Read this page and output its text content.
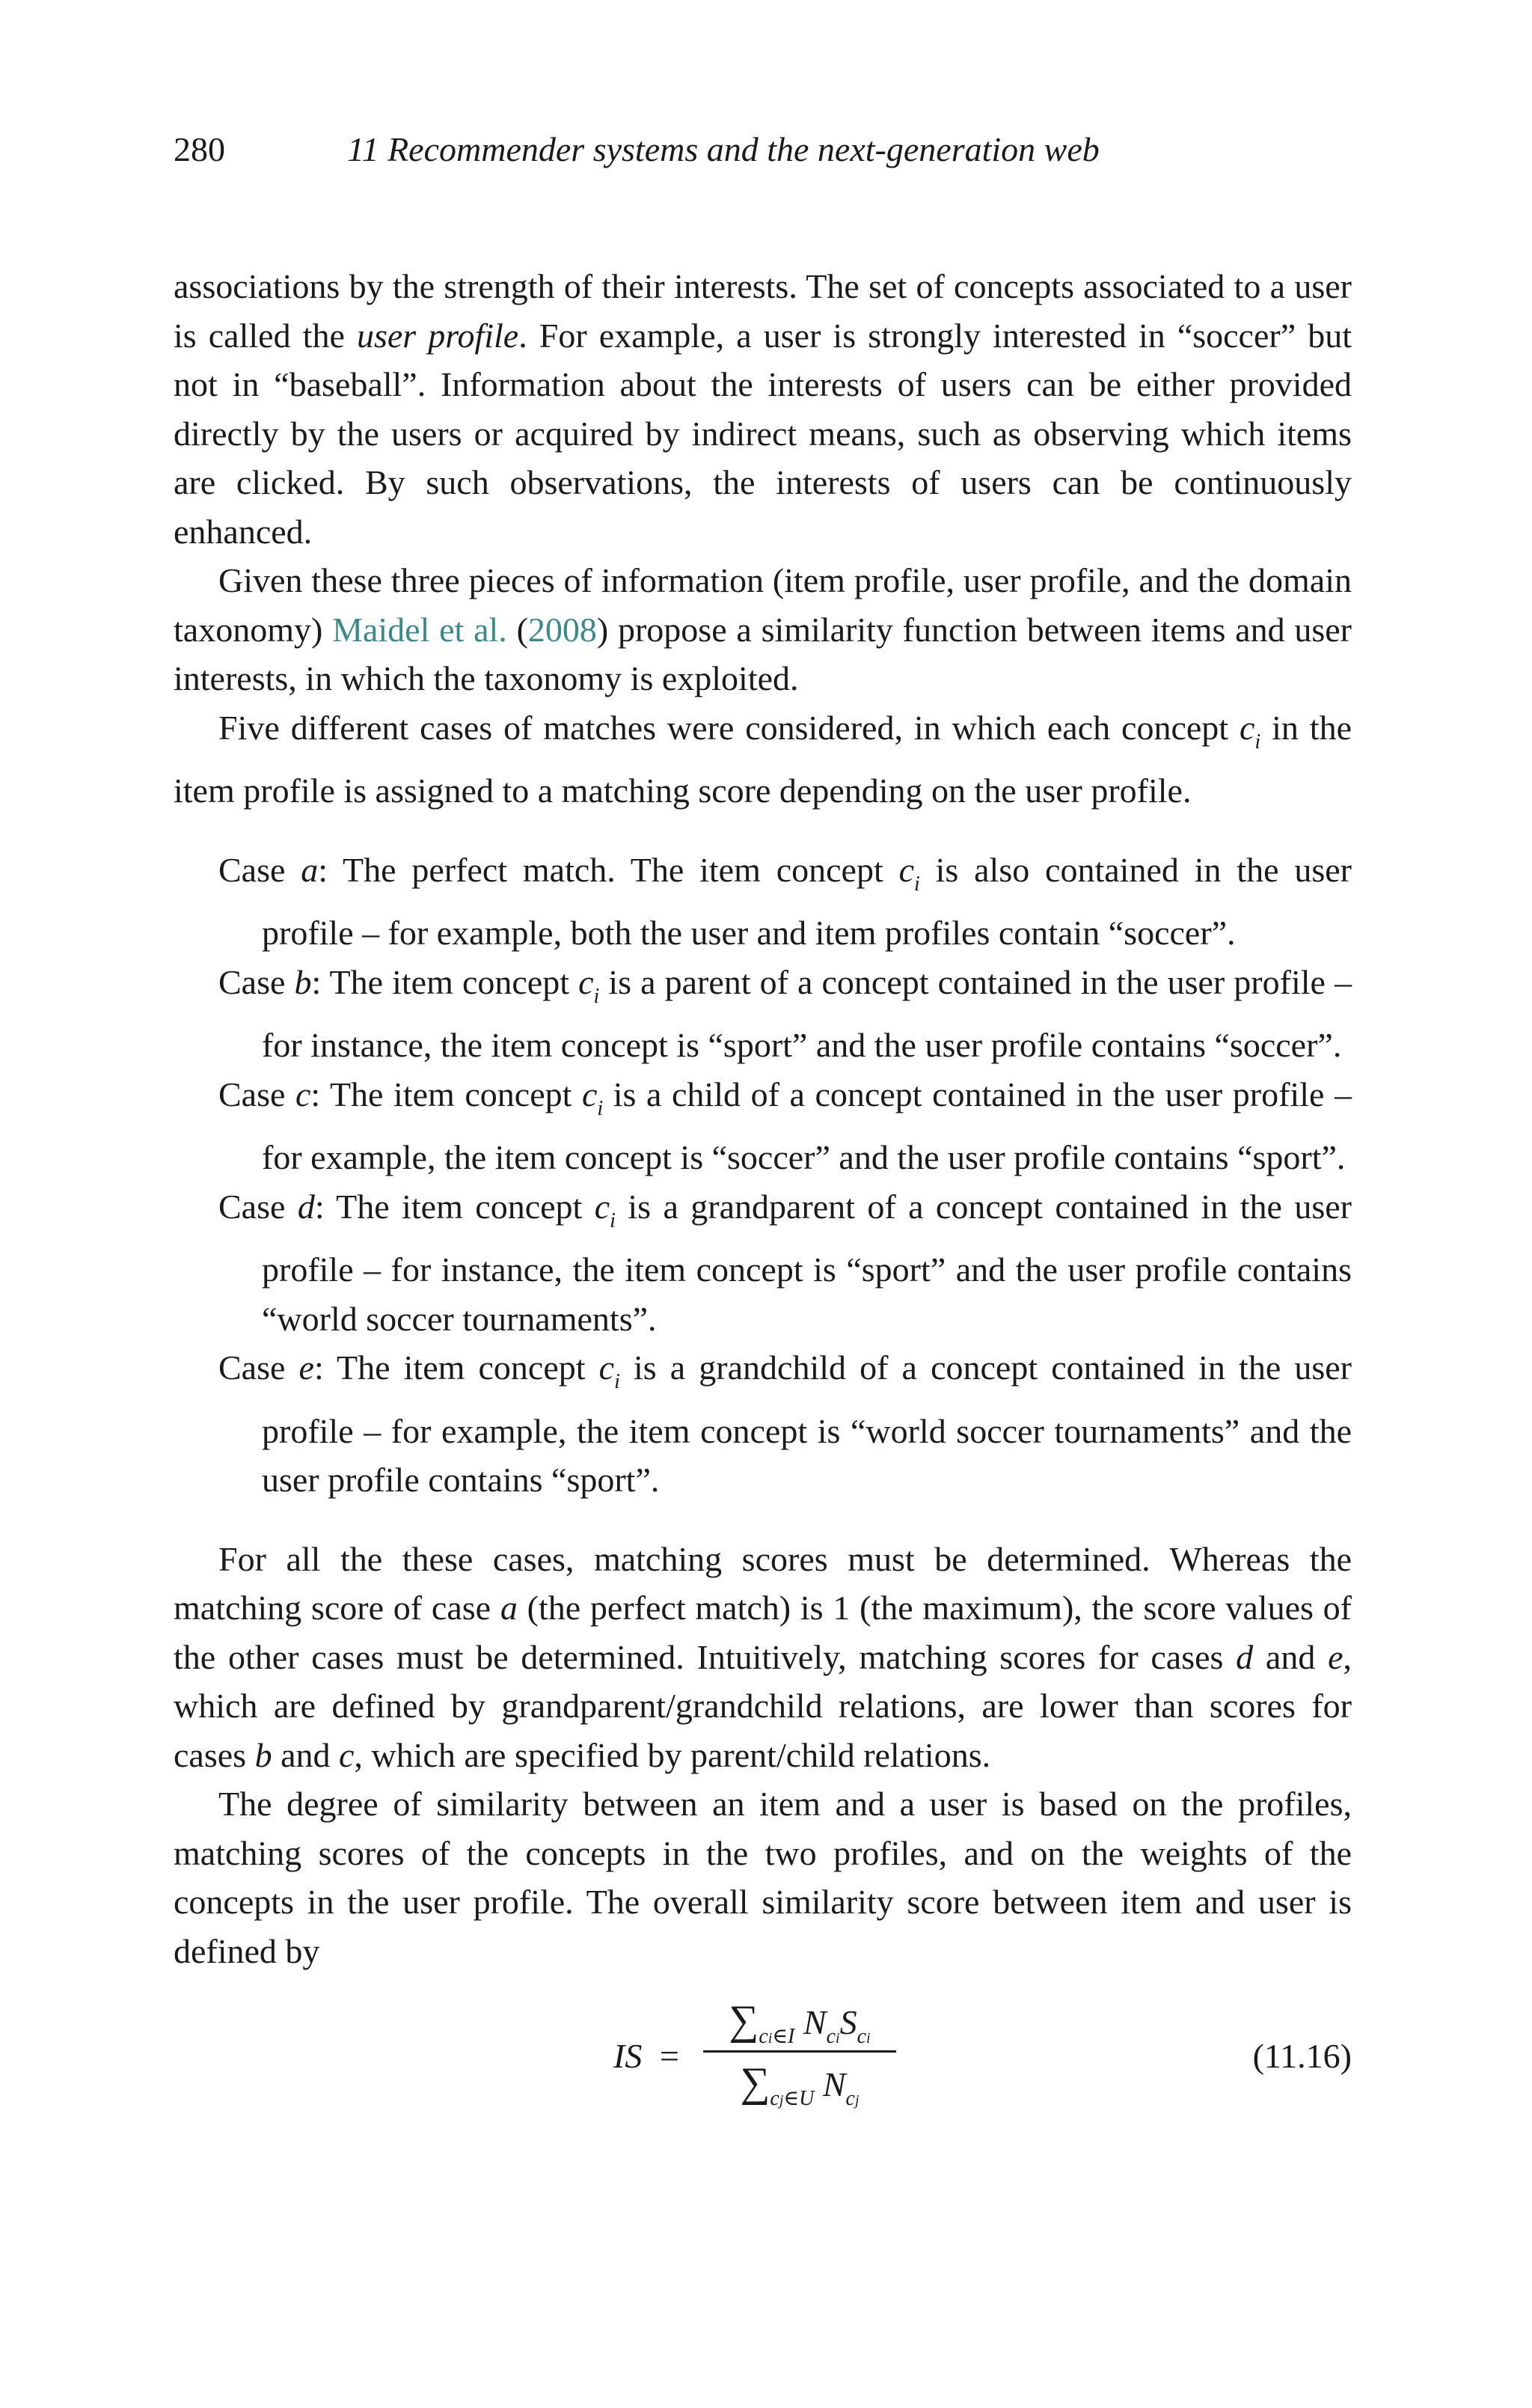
280	11 Recommender systems and the next-generation web

associations by the strength of their interests. The set of concepts associated to a user is called the user profile. For example, a user is strongly interested in “soccer” but not in “baseball”. Information about the interests of users can be either provided directly by the users or acquired by indirect means, such as observing which items are clicked. By such observations, the interests of users can be continuously enhanced.

Given these three pieces of information (item profile, user profile, and the domain taxonomy) Maidel et al. (2008) propose a similarity function between items and user interests, in which the taxonomy is exploited.

Five different cases of matches were considered, in which each concept $c_i$ in the item profile is assigned to a matching score depending on the user profile.

Case a: The perfect match. The item concept $c_i$ is also contained in the user profile – for example, both the user and item profiles contain “soccer”.
Case b: The item concept $c_i$ is a parent of a concept contained in the user profile – for instance, the item concept is “sport” and the user profile contains “soccer”.
Case c: The item concept $c_i$ is a child of a concept contained in the user profile – for example, the item concept is “soccer” and the user profile contains “sport”.
Case d: The item concept $c_i$ is a grandparent of a concept contained in the user profile – for instance, the item concept is “sport” and the user profile contains “world soccer tournaments”.
Case e: The item concept $c_i$ is a grandchild of a concept contained in the user profile – for example, the item concept is “world soccer tournaments” and the user profile contains “sport”.

For all the these cases, matching scores must be determined. Whereas the matching score of case a (the perfect match) is 1 (the maximum), the score values of the other cases must be determined. Intuitively, matching scores for cases d and e, which are defined by grandparent/grandchild relations, are lower than scores for cases b and c, which are specified by parent/child relations.

The degree of similarity between an item and a user is based on the profiles, matching scores of the concepts in the two profiles, and on the weights of the concepts in the user profile. The overall similarity score between item and user is defined by

IS =
$\sum_{ci\in I}$ $N_{ci}S_{ci}$
$\sum_{cj\in U}$ $N_{cj}$
(11.16)
